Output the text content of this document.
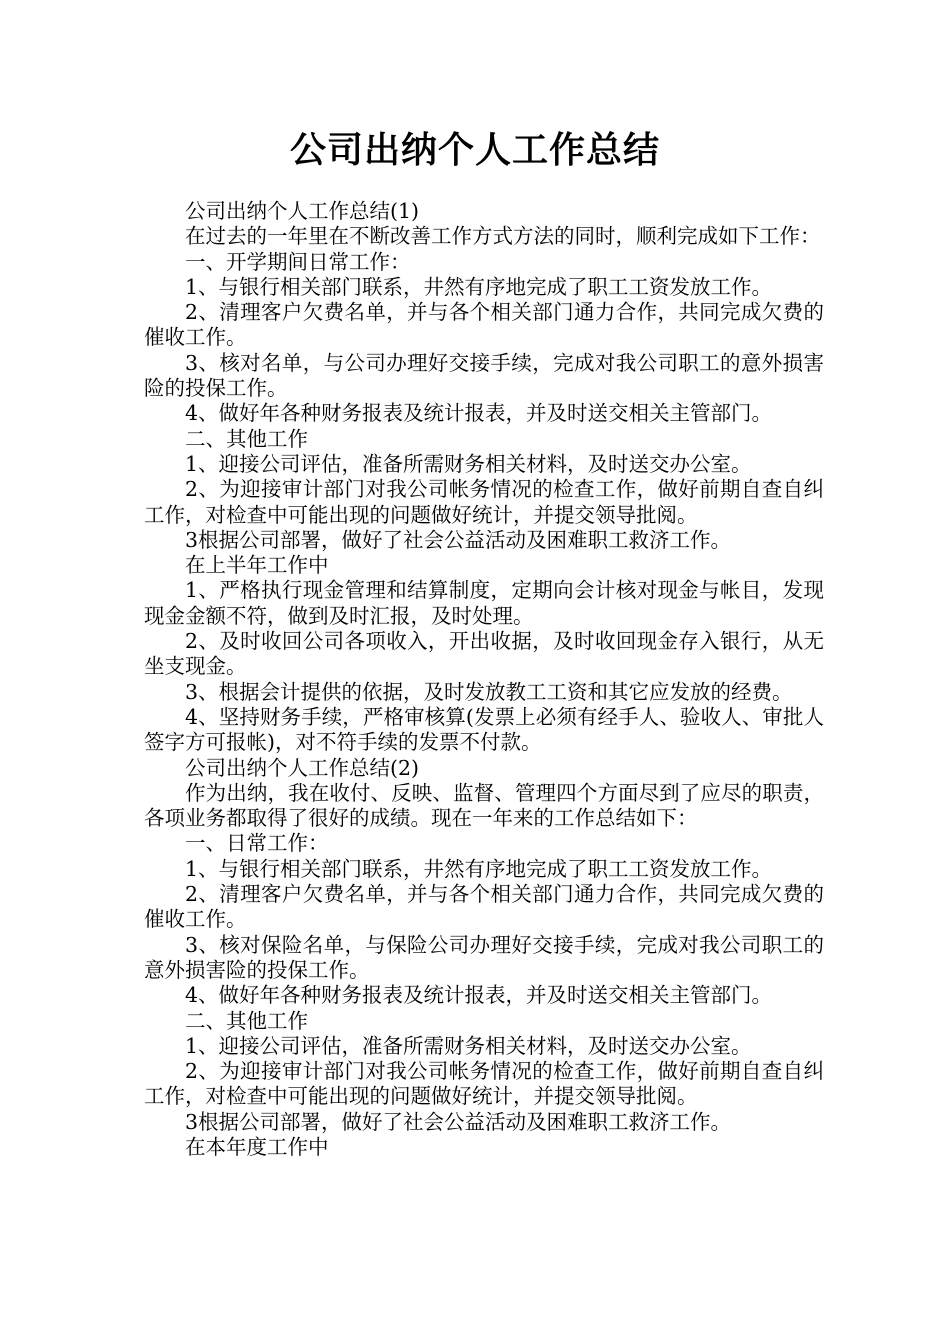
公司出纳个人工作总结

公司出纳个人工作总结(1)

在过去的一年里在不断改善工作方式方法的同时，顺利完成如下工作：

一、开学期间日常工作：

1、与银行相关部门联系，井然有序地完成了职工工资发放工作。

2、清理客户欠费名单，并与各个相关部门通力合作，共同完成欠费的催收工作。

3、核对名单，与公司办理好交接手续，完成对我公司职工的意外损害险的投保工作。

4、做好年各种财务报表及统计报表，并及时送交相关主管部门。

二、其他工作

1、迎接公司评估，准备所需财务相关材料，及时送交办公室。

2、为迎接审计部门对我公司帐务情况的检查工作，做好前期自查自纠工作，对检查中可能出现的问题做好统计，并提交领导批阅。

3根据公司部署，做好了社会公益活动及困难职工救济工作。

在上半年工作中

1、严格执行现金管理和结算制度，定期向会计核对现金与帐目，发现现金金额不符，做到及时汇报，及时处理。

2、及时收回公司各项收入，开出收据，及时收回现金存入银行，从无坐支现金。

3、根据会计提供的依据，及时发放教工工资和其它应发放的经费。

4、坚持财务手续，严格审核算(发票上必须有经手人、验收人、审批人签字方可报帐)，对不符手续的发票不付款。

公司出纳个人工作总结(2)

作为出纳，我在收付、反映、监督、管理四个方面尽到了应尽的职责，各项业务都取得了很好的成绩。现在一年来的工作总结如下：

一、日常工作：

1、与银行相关部门联系，井然有序地完成了职工工资发放工作。

2、清理客户欠费名单，并与各个相关部门通力合作，共同完成欠费的催收工作。

3、核对保险名单，与保险公司办理好交接手续，完成对我公司职工的意外损害险的投保工作。

4、做好年各种财务报表及统计报表，并及时送交相关主管部门。

二、其他工作

1、迎接公司评估，准备所需财务相关材料，及时送交办公室。

2、为迎接审计部门对我公司帐务情况的检查工作，做好前期自查自纠工作，对检查中可能出现的问题做好统计，并提交领导批阅。

3根据公司部署，做好了社会公益活动及困难职工救济工作。

在本年度工作中
